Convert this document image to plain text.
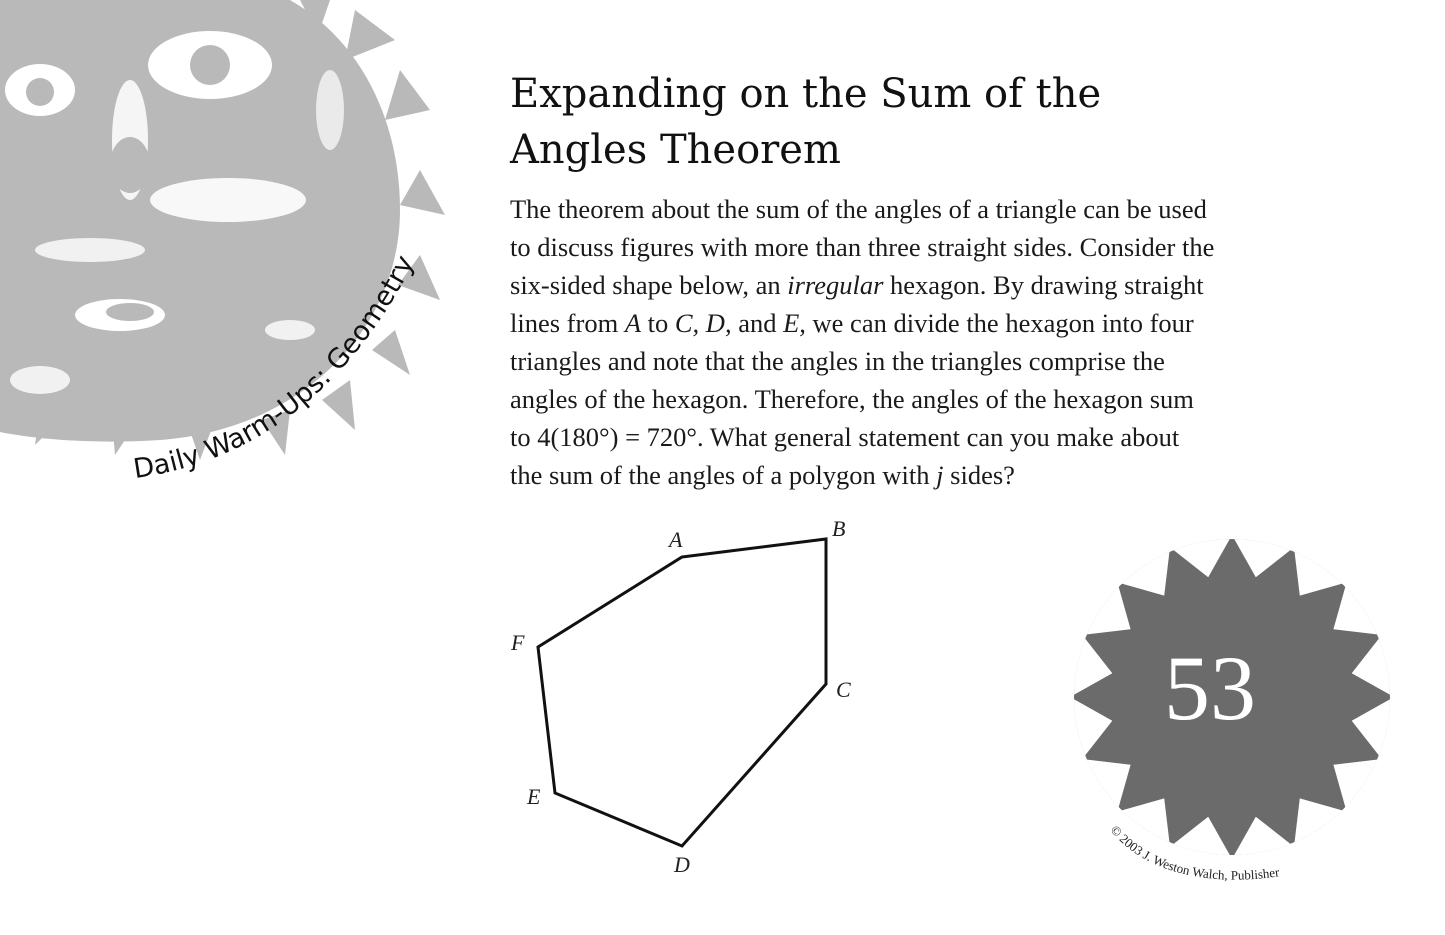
Daily Warm-Ups: Geometry
Expanding on the Sum of the
Angles Theorem

The theorem about the sum of the angles of a triangle can be used
to discuss figures with more than three straight sides. Consider the
six-sided shape below, an irregular hexagon. By drawing straight
lines from A to C, D, and E, we can divide the hexagon into four
triangles and note that the angles in the triangles comprise the
angles of the hexagon. Therefore, the angles of the hexagon sum
to 4(180°) = 720°. What general statement can you make about
the sum of the angles of a polygon with j sides?

A	B
C
D
E
F
© 2003 J. Weston Walch, Publisher
53
